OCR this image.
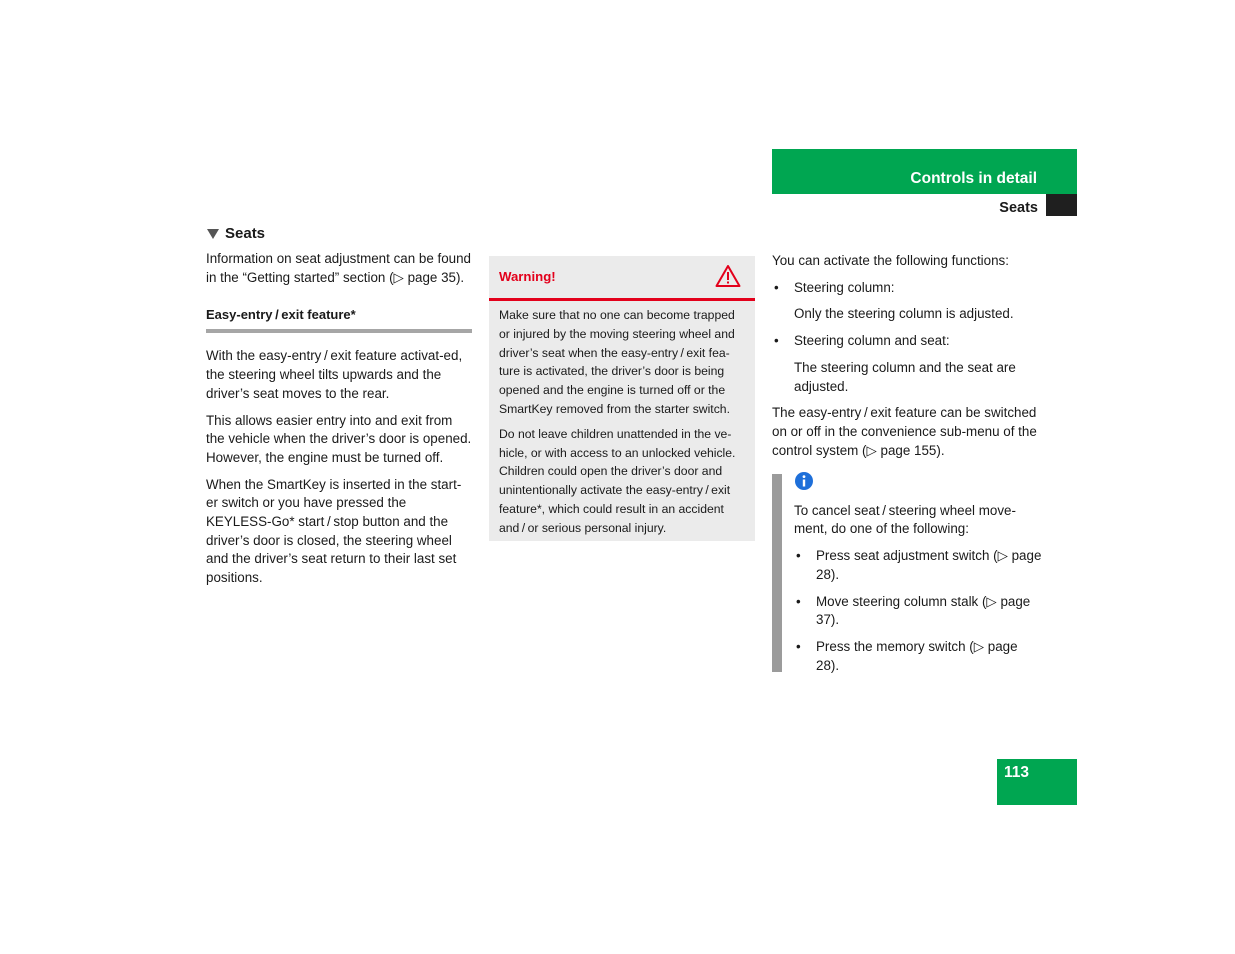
Controls in detail
Seats
Seats

Information on seat adjustment can be found in the “Getting started” section (▷ page 35).

Easy-entry / exit feature*

With the easy-entry / exit feature activat-ed, the steering wheel tilts upwards and the driver’s seat moves to the rear.

This allows easier entry into and exit from the vehicle when the driver’s door is opened. However, the engine must be turned off.

When the SmartKey is inserted in the start-er switch or you have pressed the KEYLESS-Go* start / stop button and the driver’s door is closed, the steering wheel and the driver’s seat return to their last set positions.

Warning!

Make sure that no one can become trapped or injured by the moving steering wheel and driver’s seat when the easy-entry / exit fea-ture is activated, the driver’s door is being opened and the engine is turned off or the SmartKey removed from the starter switch.

Do not leave children unattended in the ve-hicle, or with access to an unlocked vehicle. Children could open the driver’s door and unintentionally activate the easy-entry / exit feature*, which could result in an accident and / or serious personal injury.

You can activate the following functions:

• Steering column:
Only the steering column is adjusted.
• Steering column and seat:
The steering column and the seat are adjusted.

The easy-entry / exit feature can be switched on or off in the convenience sub-menu of the control system (▷ page 155).

To cancel seat / steering wheel move-ment, do one of the following:

• Press seat adjustment switch (▷ page 28).
• Move steering column stalk (▷ page 37).
• Press the memory switch (▷ page 28).
113
